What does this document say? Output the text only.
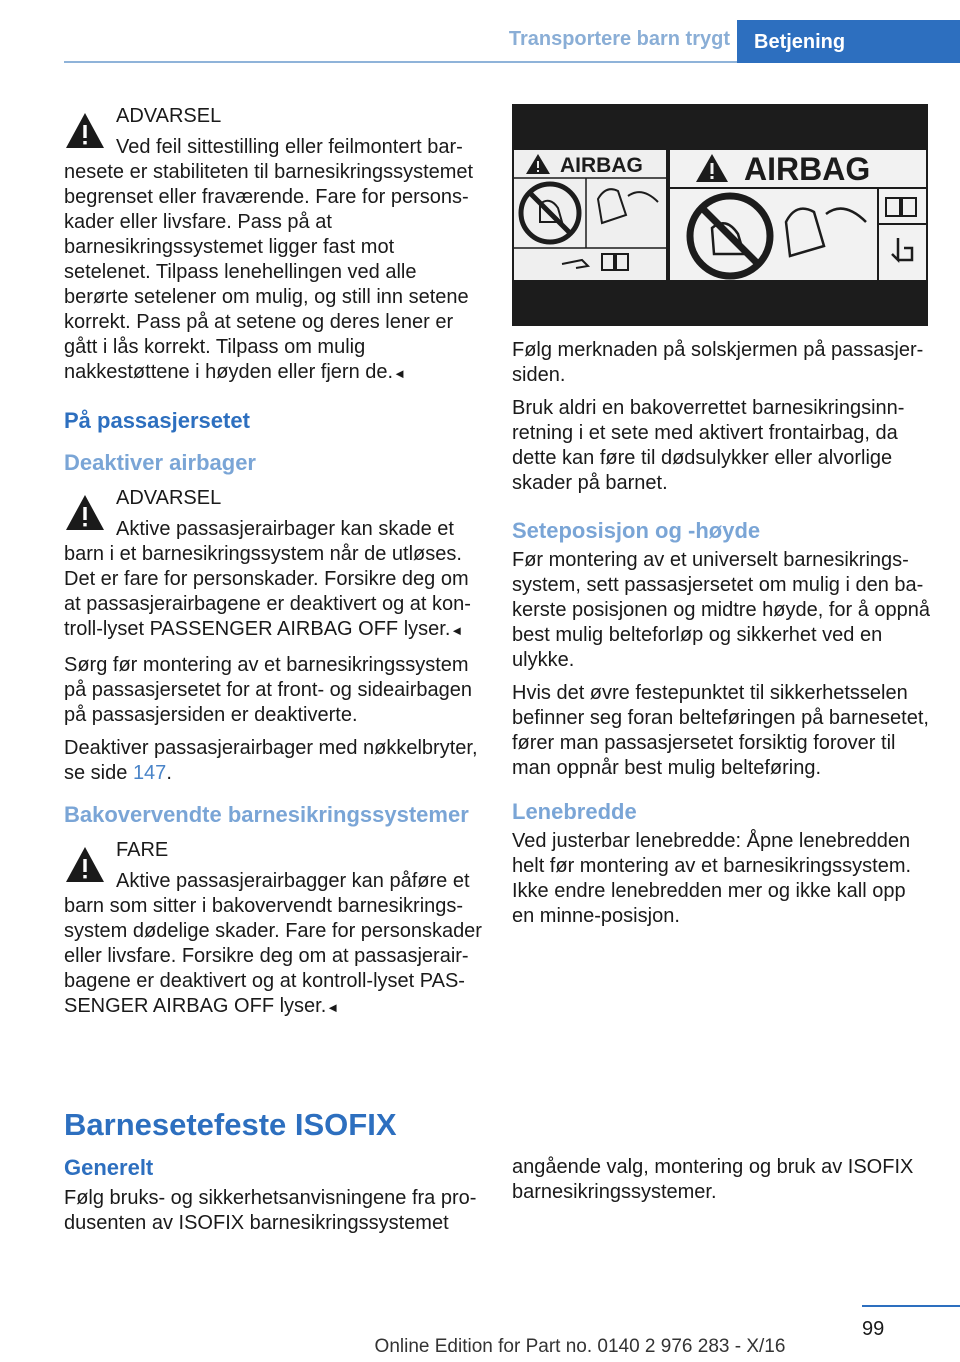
Transportere barn trygt	Betjening
ADVARSEL
Ved feil sittestilling eller feilmontert barnesete er stabiliteten til barnesikringssystemet begrenset eller fraværende. Fare for personskader eller livsfare. Pass på at barnesikringssystemet ligger fast mot setelenet. Tilpass lenehellingen ved alle berørte setelener om mulig, og still inn setene korrekt. Pass på at setene og deres lener er gått i lås korrekt. Tilpass om mulig nakkestøttene i høyden eller fjern de.◄
På passasjersetet
Deaktiver airbager
ADVARSEL
Aktive passasjerairbager kan skade et barn i et barnesikringssystem når de utløses. Det er fare for personskader. Forsikre deg om at passasjerairbagene er deaktivert og at kontroll-lyset PASSENGER AIRBAG OFF lyser.◄

Sørg før montering av et barnesikringssystem på passasjersetet for at front- og sideairbagen på passasjersiden er deaktiverte.

Deaktiver passasjerairbager med nøkkelbryter, se side 147.

Bakovervendte barnesikringssystemer
FARE
Aktive passasjerairbagger kan påføre et barn som sitter i bakovervendt barnesikringssystem dødelige skader. Fare for personskader eller livsfare. Forsikre deg om at passasjerairbagene er deaktivert og at kontroll-lyset PASSENGER AIRBAG OFF lyser.◄
AIRBAG	AIRBAG

Følg merknaden på solskjermen på passasjersiden.

Bruk aldri en bakoverrettet barnesikringsinnretning i et sete med aktivert frontairbag, da dette kan føre til dødsulykker eller alvorlige skader på barnet.

Seteposisjon og -høyde

Før montering av et universelt barnesikringssystem, sett passasjersetet om mulig i den bakerste posisjonen og midtre høyde, for å oppnå best mulig belteforløp og sikkerhet ved en ulykke.

Hvis det øvre festepunktet til sikkerhetsselen befinner seg foran belteføringen på barnesetet, fører man passasjersetet forsiktig forover til man oppnår best mulig belteføring.

Lenebredde

Ved justerbar lenebredde: Åpne lenebredden helt før montering av et barnesikringssystem. Ikke endre lenebredden mer og ikke kall opp en minne-posisjon.

Barnesetefeste ISOFIX
Generelt

Følg bruks- og sikkerhetsanvisningene fra produsenten av ISOFIX barnesikringssystemet

angående valg, montering og bruk av ISOFIX barnesikringssystemer.

99
Online Edition for Part no. 0140 2 976 283 - X/16
